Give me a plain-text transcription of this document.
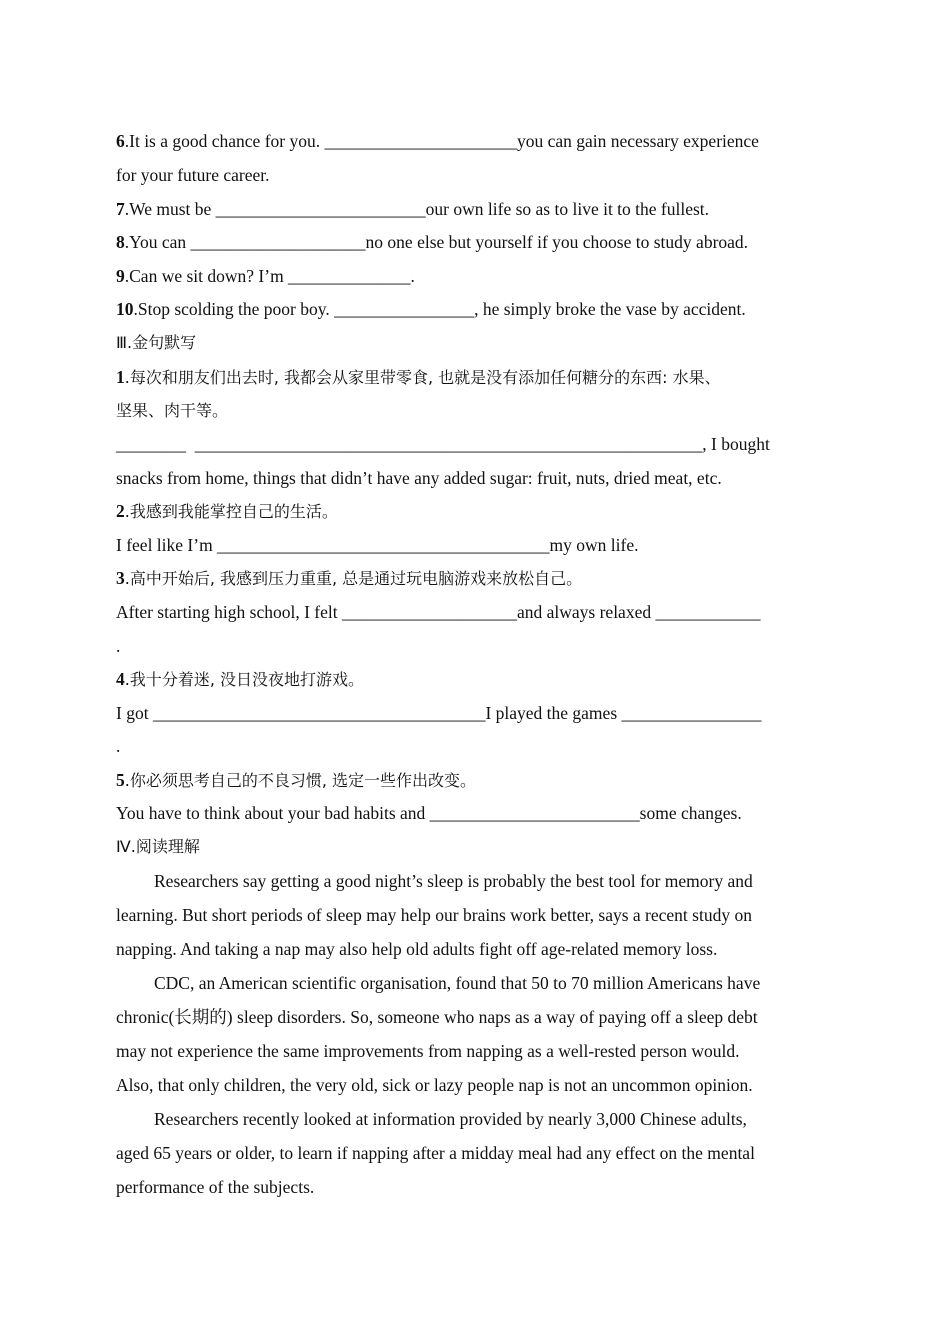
6.It is a good chance for you. ______________________you can gain necessary experience
for your future career.
7.We must be ________________________our own life so as to live it to the fullest.
8.You can ____________________no one else but yourself if you choose to study abroad.
9.Can we sit down? I’m ______________.
10.Stop scolding the poor boy. ________________, he simply broke the vase by accident.
Ⅲ.金句默写
1.每次和朋友们出去时, 我都会从家里带零食, 也就是没有添加任何糖分的东西: 水果、
坚果、肉干等。
________ __________________________________________________________, I bought
snacks from home, things that didn’t have any added sugar: fruit, nuts, dried meat, etc.
2.我感到我能掌控自己的生活。
I feel like I’m ______________________________________my own life.
3.高中开始后, 我感到压力重重, 总是通过玩电脑游戏来放松自己。
After starting high school, I felt ____________________and always relaxed ____________
.
4.我十分着迷, 没日没夜地打游戏。
I got ______________________________________I played the games ________________
.
5.你必须思考自己的不良习惯, 选定一些作出改变。
You have to think about your bad habits and ________________________some changes.
Ⅳ.阅读理解
Researchers say getting a good night’s sleep is probably the best tool for memory and
learning. But short periods of sleep may help our brains work better, says a recent study on
napping. And taking a nap may also help old adults fight off age-related memory loss.
CDC, an American scientific organisation, found that 50 to 70 million Americans have
chronic(长期的) sleep disorders. So, someone who naps as a way of paying off a sleep debt
may not experience the same improvements from napping as a well-rested person would.
Also, that only children, the very old, sick or lazy people nap is not an uncommon opinion.
Researchers recently looked at information provided by nearly 3,000 Chinese adults,
aged 65 years or older, to learn if napping after a midday meal had any effect on the mental
performance of the subjects.
